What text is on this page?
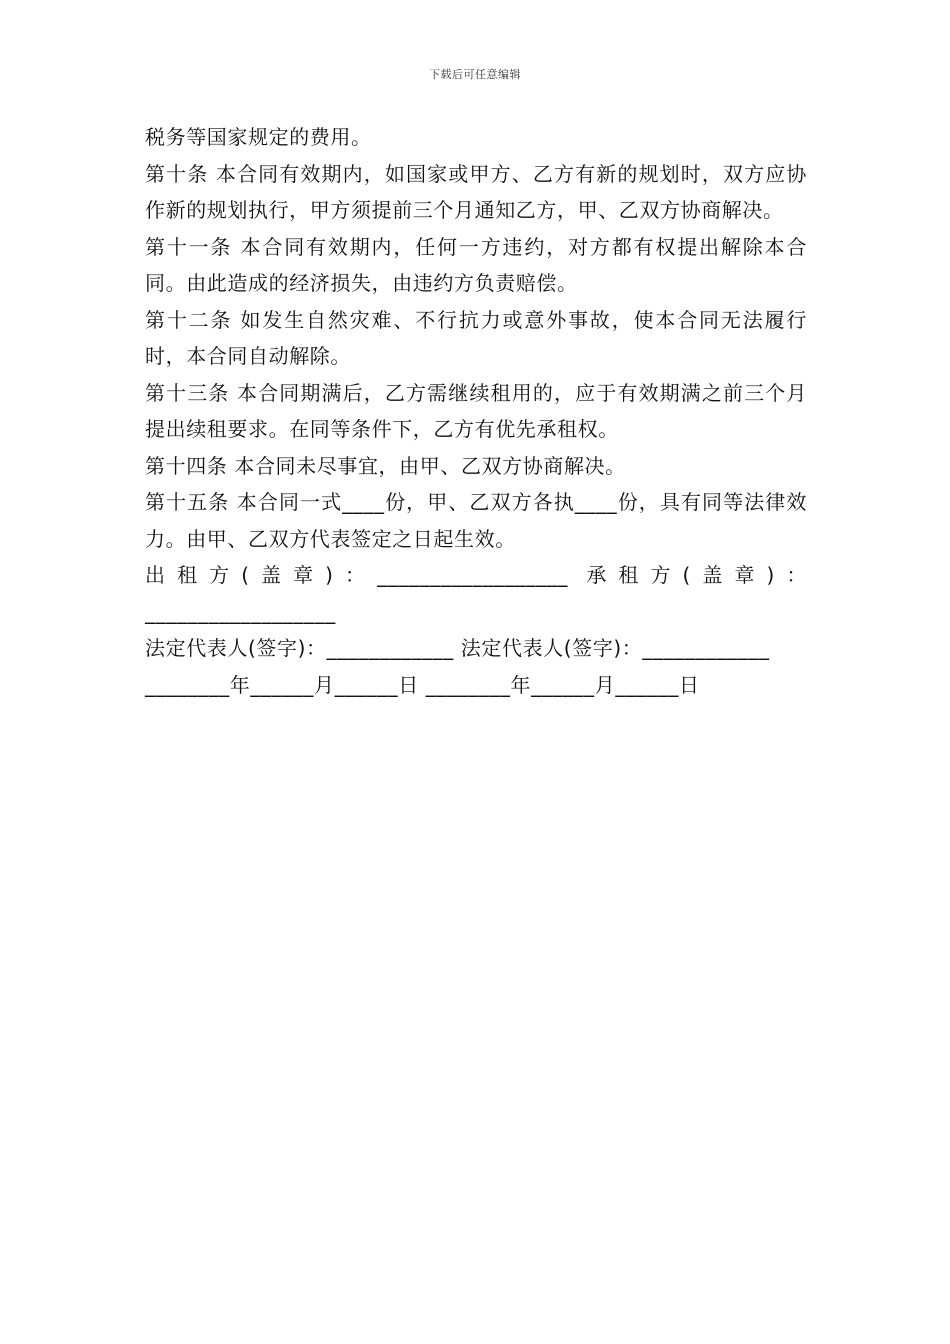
下载后可任意编辑

税务等国家规定的费用。

第十条 本合同有效期内，如国家或甲方、乙方有新的规划时，双方应协作新的规划执行，甲方须提前三个月通知乙方，甲、乙双方协商解决。

第十一条 本合同有效期内，任何一方违约，对方都有权提出解除本合同。由此造成的经济损失，由违约方负责赔偿。

第十二条 如发生自然灾难、不行抗力或意外事故，使本合同无法履行时，本合同自动解除。

第十三条 本合同期满后，乙方需继续租用的，应于有效期满之前三个月提出续租要求。在同等条件下，乙方有优先承租权。

第十四条 本合同未尽事宜，由甲、乙双方协商解决。

第十五条 本合同一式____份，甲、乙双方各执____份，具有同等法律效力。由甲、乙双方代表签定之日起生效。

出租方(盖章)：__________________ 承租方(盖章)：__________________

法定代表人(签字)：____________ 法定代表人(签字)：____________

________年______月______日 ________年______月______日
